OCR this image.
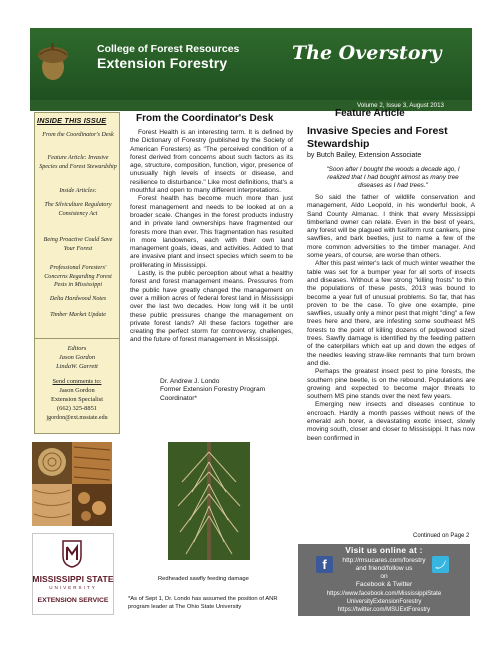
College of Forest Resources
Extension Forestry	The Overstory
Volume 2, Issue 3, August 2013
INSIDE THIS ISSUE
From the Coordinator's Desk
Feature Article: Invasive Species and Forest Stewardship
Inside Articles:
The Silviculture Regulatory Consistency Act
Being Proactive Could Save Your Forest
Professional Foresters' Concerns Regarding Forest Pests in Mississippi
Delta Hardwood Notes
Timber Market Update
Editors
Jason Gordon
LindaW. Garrett
Send comments to:
Jason Gordon
Extension Specialist
(662) 325-8851
jgordon@ext.msstate.edu
MISSISSIPPI STATE
UNIVERSITY
EXTENSION SERVICE
From the Coordinator's Desk

Forest Health is an interesting term. It is defined by the Dictionary of Forestry (published by the Society of American Foresters) as "The perceived condition of a forest derived from concerns about such factors as its age, structure, composition, function, vigor, presence of unusually high levels of insects or disease, and resilience to disturbance." Like most definitions, that's a mouthful and open to many different interpretations.

Forest health has become much more than just forest management and needs to be looked at on a broader scale. Changes in the forest products industry and in private land ownerships have fragmented our forests more than ever. This fragmentation has resulted in more landowners, each with their own land management goals, ideas, and activities. Added to that are invasive plant and insect species which seem to be proliferating in Mississippi.

Lastly, is the public perception about what a healthy forest and forest management means. Pressures from the public have greatly changed the management on over a million acres of federal forest land in Mississippi over the last two decades. How long will it be until these public pressures change the management on private forest lands? All these factors together are creating the perfect storm for controversy, challenges, and the future of forest management in Mississippi.

Dr. Andrew J. Londo
Former Extension Forestry Program
Coordinator*
Redheaded sawfly feeding damage
*As of Sept 1, Dr. Londo has assumed the position of ANR program leader at The Ohio State University
Feature Article
Invasive Species and Forest Stewardship
by Butch Bailey, Extension Associate
"Soon after I bought the woods a decade ago, I realized that I had bought almost as many tree diseases as I had trees."

So said the father of wildlife conservation and management, Aldo Leopold, in his wonderful book, A Sand County Almanac. I think that every Mississippi timberland owner can relate. Even in the best of years, any forest will be plagued with fusiform rust cankers, pine sawflies, and bark beetles, just to name a few of the more common adversities to the timber manager. And some years, of course, are worse than others.

After this past winter's lack of much winter weather the table was set for a bumper year for all sorts of insects and diseases. Without a few strong "killing frosts" to thin the populations of these pests, 2013 was bound to become a year full of unusual problems. So far, that has proven to be the case. To give one example, pine sawflies, usually only a minor pest that might "ding" a few trees here and there, are infesting some southeast MS forests to the point of killing dozens of pulpwood sized trees. Sawfly damage is identified by the feeding pattern of the caterpillars which eat up and down the edges of the needles leaving straw-like remnants that turn brown and die.

Perhaps the greatest insect pest to pine forests, the southern pine beetle, is on the rebound. Populations are growing and expected to become major threats to southern MS pine stands over the next few years.

Emerging new insects and diseases continue to encroach. Hardly a month passes without news of the emerald ash borer, a devastating exotic insect, slowly moving south, closer and closer to Mississippi. It has now been confirmed in

Continued on Page 2
Visit us online at :
f	http://msucares.com/forestry
and friend/follow us
on
Facebook & Twitter
https://www.facebook.com/MississippiState
UniversityExtensionForestry
https://twitter.com/MSUExtForestry
